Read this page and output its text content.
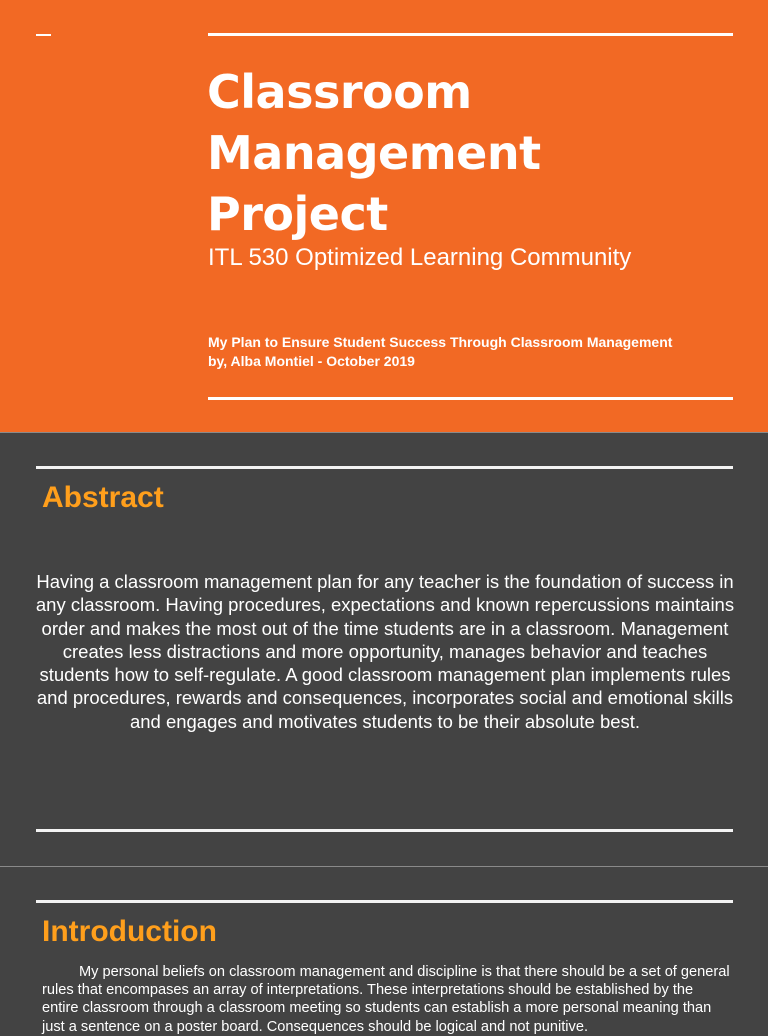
Classroom Management Project
ITL 530 Optimized Learning Community
My Plan to Ensure Student Success Through Classroom Management
by, Alba Montiel - October 2019
Abstract
Introduction

Having a classroom management plan for any teacher is the foundation of success in any classroom. Having procedures, expectations and known repercussions maintains order and makes the most out of the time students are in a classroom. Management creates less distractions and more opportunity, manages behavior and teaches students how to self-regulate. A good classroom management plan implements rules and procedures, rewards and consequences, incorporates social and emotional skills and engages and motivates students to be their absolute best.

My personal beliefs on classroom management and discipline is that there should be a set of general rules that encompases an array of interpretations. These interpretations should be established by the entire classroom through a classroom meeting so students can establish a more personal meaning than just a sentence on a poster board. Consequences should be logical and not punitive.
